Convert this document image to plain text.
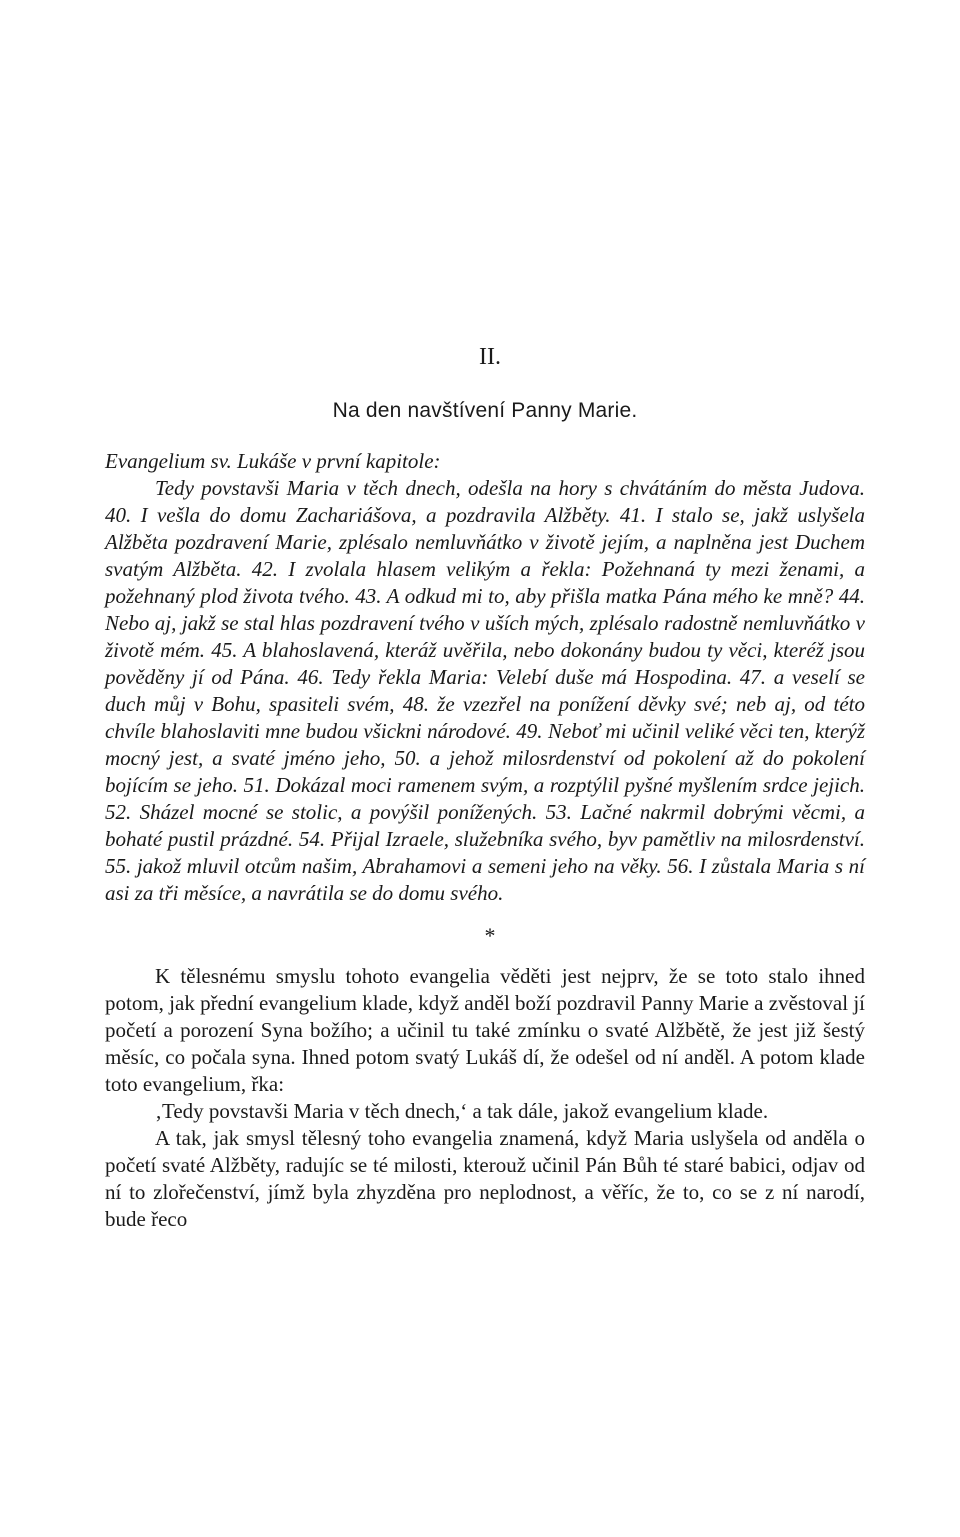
II.
Na den navštívení Panny Marie.
Evangelium sv. Lukáše v první kapitole:
Tedy povstavši Maria v těch dnech, odešla na hory s chvátáním do města Judova. 40. I vešla do domu Zachariášova, a pozdravila Alžběty. 41. I stalo se, jakž uslyšela Alžběta pozdravení Marie, zplésalo nemluvňátko v životě jejím, a naplněna jest Duchem svatým Alžběta. 42. I zvolala hlasem velikým a řekla: Požehnaná ty mezi ženami, a požehnaný plod života tvého. 43. A odkud mi to, aby přišla matka Pána mého ke mně? 44. Nebo aj, jakž se stal hlas pozdravení tvého v uších mých, zplésalo radostně nemluvňátko v životě mém. 45. A blahoslavená, kteráž uvěřila, nebo dokonány budou ty věci, kteréž jsou pověděny jí od Pána. 46. Tedy řekla Maria: Velebí duše má Hospodina. 47. a veselí se duch můj v Bohu, spasiteli svém, 48. že vzezřel na ponížení děvky své; neb aj, od této chvíle blahoslaviti mne budou všickni národové. 49. Neboť mi učinil veliké věci ten, kterýž mocný jest, a svaté jméno jeho, 50. a jehož milosrdenství od pokolení až do pokolení bojícím se jeho. 51. Dokázal moci ramenem svým, a rozptýlil pyšné myšlením srdce jejich. 52. Sházel mocné se stolic, a povýšil ponížených. 53. Lačné nakrmil dobrými věcmi, a bohaté pustil prázdné. 54. Přijal Izraele, služebníka svého, byv pamětliv na milosrdenství. 55. jakož mluvil otcům našim, Abrahamovi a semeni jeho na věky. 56. I zůstala Maria s ní asi za tři měsíce, a navrátila se do domu svého.
*

K tělesnému smyslu tohoto evangelia věděti jest nejprv, že se toto stalo ihned potom, jak přední evangelium klade, když anděl boží pozdravil Panny Marie a zvěstoval jí početí a porození Syna božího; a učinil tu také zmínku o svaté Alžbětě, že jest již šestý měsíc, co počala syna. Ihned potom svatý Lukáš dí, že odešel od ní anděl. A potom klade toto evangelium, řka:

‚Tedy povstavši Maria v těch dnech,‘ a tak dále, jakož evangelium klade.

A tak, jak smysl tělesný toho evangelia znamená, když Maria uslyšela od anděla o početí svaté Alžběty, radujíc se té milosti, kterouž učinil Pán Bůh té staré babici, odjav od ní to zlořečenství, jímž byla zhyzděna pro neplodnost, a věříc, že to, co se z ní narodí, bude řeco
